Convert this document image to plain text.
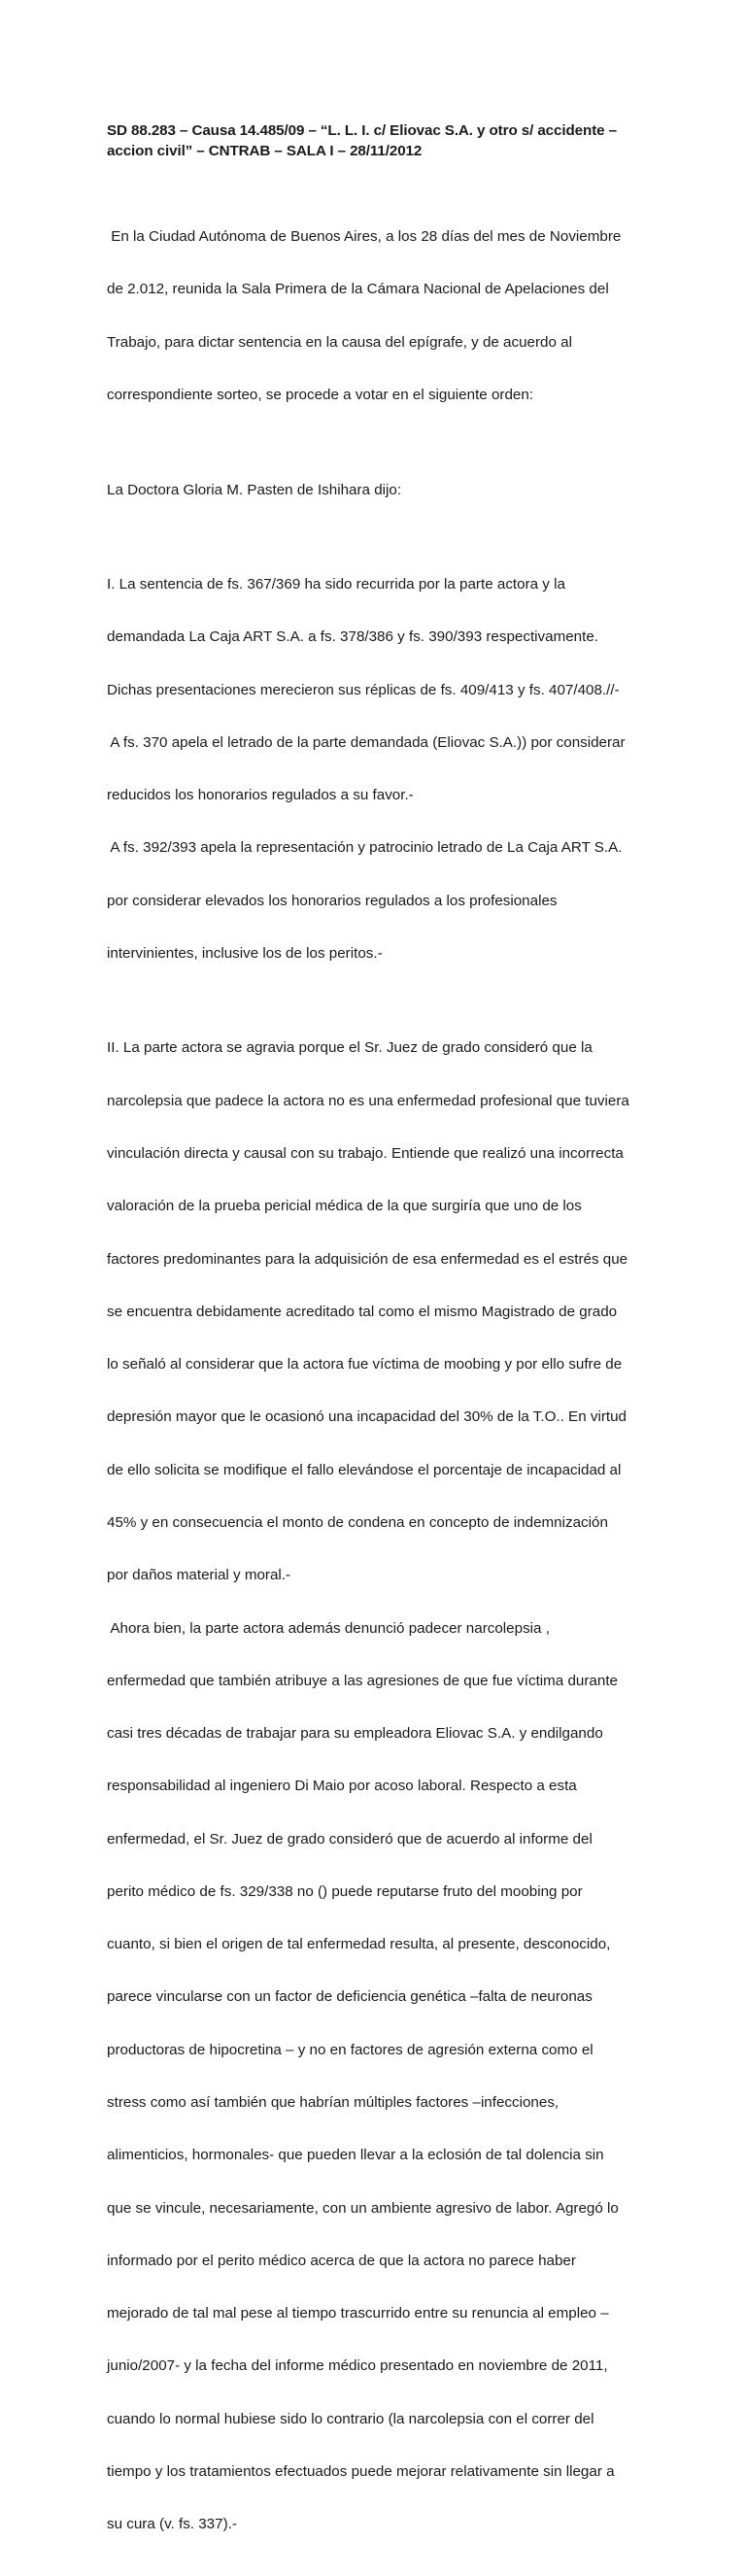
SD 88.283 – Causa 14.485/09 – “L. L. I. c/ Eliovac S.A. y otro s/ accidente –
accion civil” – CNTRAB – SALA I – 28/11/2012

En la Ciudad Autónoma de Buenos Aires, a los 28 días del mes de Noviembre

de 2.012, reunida la Sala Primera de la Cámara Nacional de Apelaciones del

Trabajo, para dictar sentencia en la causa del epígrafe, y de acuerdo al

correspondiente sorteo, se procede a votar en el siguiente orden:

La Doctora Gloria M. Pasten de Ishihara dijo:

I. La sentencia de fs. 367/369 ha sido recurrida por la parte actora y la

demandada La Caja ART S.A. a fs. 378/386 y fs. 390/393 respectivamente.

Dichas presentaciones merecieron sus réplicas de fs. 409/413 y fs. 407/408.//-

A fs. 370 apela el letrado de la parte demandada (Eliovac S.A.)) por considerar

reducidos los honorarios regulados a su favor.-

A fs. 392/393 apela la representación y patrocinio letrado de La Caja ART S.A.

por considerar elevados los honorarios regulados a los profesionales

intervinientes, inclusive los de los peritos.-

II. La parte actora se agravia porque el Sr. Juez de grado consideró que la

narcolepsia que padece la actora no es una enfermedad profesional que tuviera

vinculación directa y causal con su trabajo. Entiende que realizó una incorrecta

valoración de la prueba pericial médica de la que surgiría que uno de los

factores predominantes para la adquisición de esa enfermedad es el estrés que

se encuentra debidamente acreditado tal como el mismo Magistrado de grado

lo señaló al considerar que la actora fue víctima de moobing y por ello sufre de

depresión mayor que le ocasionó una incapacidad del 30% de la T.O.. En virtud

de ello solicita se modifique el fallo elevándose el porcentaje de incapacidad al

45% y en consecuencia el monto de condena en concepto de indemnización

por daños material y moral.-

Ahora bien, la parte actora además denunció padecer narcolepsia ,

enfermedad que también atribuye a las agresiones de que fue víctima durante

casi tres décadas de trabajar para su empleadora Eliovac S.A. y endilgando

responsabilidad al ingeniero Di Maio por acoso laboral. Respecto a esta

enfermedad, el Sr. Juez de grado consideró que de acuerdo al informe del

perito médico de fs. 329/338 no () puede reputarse fruto del moobing por

cuanto, si bien el origen de tal enfermedad resulta, al presente, desconocido,

parece vincularse con un factor de deficiencia genética –falta de neuronas

productoras de hipocretina – y no en factores de agresión externa como el

stress como así también que habrían múltiples factores –infecciones,

alimenticios, hormonales- que pueden llevar a la eclosión de tal dolencia sin

que se vincule, necesariamente, con un ambiente agresivo de labor. Agregó lo

informado por el perito médico acerca de que la actora no parece haber

mejorado de tal mal pese al tiempo trascurrido entre su renuncia al empleo –

junio/2007- y la fecha del informe médico presentado en noviembre de 2011,

cuando lo normal hubiese sido lo contrario (la narcolepsia con el correr del

tiempo y los tratamientos efectuados puede mejorar relativamente sin llegar a

su cura (v. fs. 337).-
